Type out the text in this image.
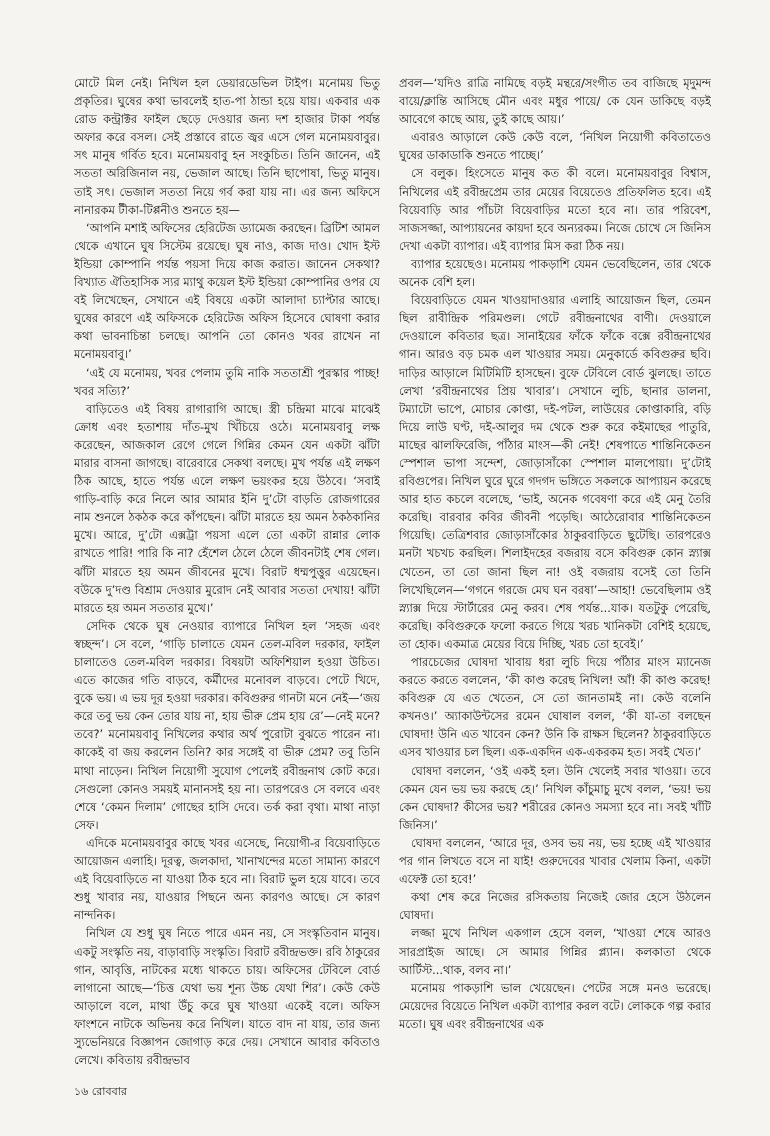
মোটে মিল নেই। নিখিল হল ডেয়ারডেভিল টাইপ। মনোময় ভিতু প্রকৃতির। ঘুষের কথা ভাবলেই হাত-পা ঠান্ডা হয়ে যায়। একবার এক রোড কন্ট্রাক্টর ফাইল ছেড়ে দেওয়ার জন্য দশ হাজার টাকা পর্যন্ত অফার করে বসল। সেই প্রস্তাবে রাতে জ্বর এসে গেল মনোময়বাবুর। সৎ মানুষ গর্বিত হবে। মনোময়বাবু হন সংকুচিত। তিনি জানেন, এই সততা অরিজিনাল নয়, ভেজাল আছে। তিনি ছাপোষা, ভিতু মানুষ। তাই সৎ। ভেজাল সততা নিয়ে গর্ব করা যায় না। এর জন্য অফিসে নানারকম টীকা-টিপ্পনীও শুনতে হয়—

‘আপনি মশাই অফিসের হেরিটেজ ড্যামেজ করছেন। ব্রিটিশ আমল থেকে এখানে ঘুষ সিস্টেম রয়েছে। ঘুষ নাও, কাজ দাও। খোদ ইস্ট ইন্ডিয়া কোম্পানি পর্যন্ত পয়সা দিয়ে কাজ করাত। জানেন সেকথা? বিখ্যাত ঐতিহাসিক স্যর ম্যাথু কয়েল ইস্ট ইন্ডিয়া কোম্পানির ওপর যে বই লিখেছেন, সেখানে এই বিষয়ে একটা আলাদা চ্যাপ্টার আছে। ঘুষের কারণে এই অফিসকে হেরিটেজ অফিস হিসেবে ঘোষণা করার কথা ভাবনাচিন্তা চলছে। আপনি তো কোনও খবর রাখেন না মনোময়বাবু।’

‘এই যে মনোময়, খবর পেলাম তুমি নাকি সততাশ্রী পুরস্কার পাচ্ছ! খবর সত্যি?’

বাড়িতেও এই বিষয় রাগারাগি আছে। স্ত্রী চন্দ্রিমা মাঝে মাঝেই ক্রোধ এবং হতাশায় দাঁত-মুখ খিঁচিয়ে ওঠে। মনোময়বাবু লক্ষ করেছেন, আজকাল রেগে গেলে গিন্নির কেমন যেন একটা ঝাঁটা মারার বাসনা জাগছে। বারেবারে সেকথা বলছে। মুখ পর্যন্ত এই লক্ষণ ঠিক আছে, হাতে পর্যন্ত এলে লক্ষণ ভয়ংকর হয়ে উঠবে। ‘সবাই গাড়ি-বাড়ি করে নিলে আর আমার ইনি দু’টো বাড়তি রোজগারের নাম শুনলে ঠকঠক করে কাঁপছেন। ঝাঁটা মারতে হয় অমন ঠকঠকানির মুখে। আরে, দু’টো এক্সট্রা পয়সা এলে তো একটা রান্নার লোক রাখতে পারি! পারি কি না? হেঁশেল ঠেলে ঠেলে জীবনটাই শেষ গেল। ঝাঁটা মারতে হয় অমন জীবনের মুখে। বিরাট ধম্মপুত্তুর এয়েছেন। বউকে দু’দণ্ড বিশ্রাম দেওয়ার মুরোদ নেই আবার সততা দেখায়! ঝাঁটা মারতে হয় অমন সততার মুখে।’

সেদিক থেকে ঘুষ নেওয়ার ব্যাপারে নিখিল হল ‘সহজ এবং স্বচ্ছন্দ’। সে বলে, ‘গাড়ি চালাতে যেমন তেল-মবিল দরকার, ফাইল চালাতেও তেল-মবিল দরকার। বিষয়টা অফিশিয়াল হওয়া উচিত। এতে কাজের গতি বাড়বে, কর্মীদের মনোবল বাড়বে। পেটে খিদে, বুকে ভয়। এ ভয় দূর হওয়া দরকার। কবিগুরুর গানটা মনে নেই—‘জয় করে তবু ভয় কেন তোর যায় না, হায় ভীরু প্রেম হায় রে’—নেই মনে? তবে?’ মনোময়বাবু নিখিলের কথার অর্থ পুরোটা বুঝতে পারেন না। কাকেই বা জয় করলেন তিনি? কার সঙ্গেই বা ভীরু প্রেম? তবু তিনি মাথা নাড়েন। নিখিল নিয়োগী সুযোগ পেলেই রবীন্দ্রনাথ কোট করে। সেগুলো কোনও সময়ই মানানসই হয় না। তারপরেও সে বলবে এবং শেষে ‘কেমন দিলাম’ গোছের হাসি দেবে। তর্ক করা বৃথা। মাথা নাড়া সেফ।

এদিকে মনোময়বাবুর কাছে খবর এসেছে, নিয়োগী-র বিয়েবাড়িতে আয়োজন এলাহি। দূরত্ব, জলকাদা, খানাখন্দের মতো সামান্য কারণে এই বিয়েবাড়িতে না যাওয়া ঠিক হবে না। বিরাট ভুল হয়ে যাবে। তবে শুধু খাবার নয়, যাওয়ার পিছনে অন্য কারণও আছে। সে কারণ নান্দনিক।

নিখিল যে শুধু ঘুষ নিতে পারে এমন নয়, সে সংস্কৃতিবান মানুষ। একটু সংস্কৃতি নয়, বাড়াবাড়ি সংস্কৃতি। বিরাট রবীন্দ্রভক্ত। রবি ঠাকুরের গান, আবৃত্তি, নাটকের মধ্যে থাকতে চায়। অফিসের টেবিলে বোর্ড লাগানো আছে—‘চিত্ত যেথা ভয় শূন্য উচ্চ যেথা শির’। কেউ কেউ আড়ালে বলে, মাথা উঁচু করে ঘুষ খাওয়া একেই বলে। অফিস ফাংশনে নাটকে অভিনয় করে নিখিল। যাতে বাদ না যায়, তার জন্য স্যুভেনিয়রে বিজ্ঞাপন জোগাড় করে দেয়। সেখানে আবার কবিতাও লেখে। কবিতায় রবীন্দ্রভাব

প্রবল—‘যদিও রাত্রি নামিছে বড়ই মন্থরে/সংগীত তব বাজিছে মৃদুমন্দ বায়ে/ক্লান্তি আসিছে মৌন এবং মধুর পায়ে/ কে যেন ডাকিছে বড়ই আবেগে কাছে আয়, তুই কাছে আয়।’

এবারও আড়ালে কেউ কেউ বলে, ‘নিখিল নিয়োগী কবিতাতেও ঘুষের ডাকাডাকি শুনতে পাচ্ছে।’

সে বলুক। হিংসেতে মানুষ কত কী বলে। মনোময়বাবুর বিশ্বাস, নিখিলের এই রবীন্দ্রপ্রেম তার মেয়ের বিয়েতেও প্রতিফলিত হবে। এই বিয়েবাড়ি আর পাঁচটা বিয়েবাড়ির মতো হবে না। তার পরিবেশ, সাজসজ্জা, আপ্যায়নের কায়দা হবে অন্যরকম। নিজে চোখে সে জিনিস দেখা একটা ব্যাপার। এই ব্যাপার মিস করা ঠিক নয়।

ব্যাপার হয়েছেও। মনোময় পাকড়াশি যেমন ভেবেছিলেন, তার থেকে অনেক বেশি হল।

বিয়েবাড়িতে যেমন খাওয়াদাওয়ার এলাহি আয়োজন ছিল, তেমন ছিল রাবীন্দ্রিক পরিমণ্ডল। গেটে রবীন্দ্রনাথের বাণী। দেওয়ালে দেওয়ালে কবিতার ছত্র। সানাইয়ের ফাঁকে ফাঁকে বক্সে রবীন্দ্রনাথের গান। আরও বড় চমক এল খাওয়ার সময়। মেনুকার্ডে কবিগুরুর ছবি। দাড়ির আড়ালে মিটিমিটি হাসছেন। বুফে টেবিলে বোর্ড ঝুলছে। তাতে লেখা ‘রবীন্দ্রনাথের প্রিয় খাবার’। সেখানে লুচি, ছানার ডালনা, টম্যাটো ভাপে, মোচার কোপ্তা, দই-পটল, লাউয়ের কোপ্তাকারি, বড়ি দিয়ে লাউ ঘণ্ট, দই-আলুর দম থেকে শুরু করে কইমাছের পাতুরি, মাছের ঝালফিরেজি, পাঁঠার মাংস—কী নেই! শেষপাতে শান্তিনিকেতন স্পেশাল ভাপা সন্দেশ, জোড়াসাঁকো স্পেশাল মালপোয়া। দু’টোই রবিগুপের। নিখিল ঘুরে ঘুরে গদগদ ভঙ্গিতে সকলকে আপ্যায়ন করেছে আর হাত কচলে বলেছে, ‘ভাই, অনেক গবেষণা করে এই মেনু তৈরি করেছি। বারবার কবির জীবনী পড়েছি। আঠেরোবার শান্তিনিকেতন গিয়েছি। তেত্রিশবার জোড়াসাঁকোর ঠাকুরবাড়িতে ছুটেছি। তারপরেও মনটা খচখচ করছিল। শিলাইদহের বজরায় বসে কবিগুরু কোন স্ন্যাক্স খেতেন, তা তো জানা ছিল না! ওই বজরায় বসেই তো তিনি লিখেছিলেন—‘গগনে গরজে মেঘ ঘন বরষা’—আহা! ভেবেছিলাম ওই স্ন্যাক্স দিয়ে স্টার্টারের মেনু করব। শেষ পর্যন্ত...যাক। যতটুকু পেরেছি, করেছি। কবিগুরুকে ফলো করতে গিয়ে খরচ খানিকটা বেশিই হয়েছে, তা হোক। একমাত্র মেয়ের বিয়ে দিচ্ছি, খরচ তো হবেই।’

পারচেজের ঘোষদা খাবায় ধরা লুচি দিয়ে পাঁঠার মাংস ম্যানেজ করতে করতে বললেন, ‘কী কাণ্ড করেছ নিখিল! আঁ! কী কাণ্ড করেছ! কবিগুরু যে এত খেতেন, সে তো জানতামই না। কেউ বলেনি কখনও।’ অ্যাকাউন্টসের রমেন ঘোষাল বলল, ‘কী যা-তা বলছেন ঘোষদা! উনি এত খাবেন কেন? উনি কি রাক্ষস ছিলেন? ঠাকুরবাড়িতে এসব খাওয়ার চল ছিল। এক-একদিন এক-একরকম হত। সবই খেত।’

ঘোষদা বললেন, ‘ওই একই হল। উনি খেলেই সবার খাওয়া। তবে কেমন যেন ভয় ভয় করছে হে।’ নিখিল কাঁচুমাচু মুখে বলল, ‘ভয়! ভয় কেন ঘোষদা? কীসের ভয়? শরীরের কোনও সমস্যা হবে না। সবই খাঁটি জিনিস।’

ঘোষদা বললেন, ‘আরে দূর, ওসব ভয় নয়, ভয় হচ্ছে এই খাওয়ার পর গান লিখতে বসে না যাই! গুরুদেবের খাবার খেলাম কিনা, একটা এফেক্ট তো হবে!’

কথা শেষ করে নিজের রসিকতায় নিজেই জোর হেসে উঠলেন ঘোষদা।

লজ্জা মুখে নিখিল একগাল হেসে বলল, ‘খাওয়া শেষে আরও সারপ্রাইজ আছে। সে আমার গিন্নির প্ল্যান। কলকাতা থেকে আর্টিস্ট...থাক, বলব না।’

মনোময় পাকড়াশি ভাল খেয়েছেন। পেটের সঙ্গে মনও ভরেছে। মেয়েদের বিয়েতে নিখিল একটা ব্যাপার করল বটে। লোককে গল্প করার মতো। ঘুষ এবং রবীন্দ্রনাথের এক

১৬ রোববার
